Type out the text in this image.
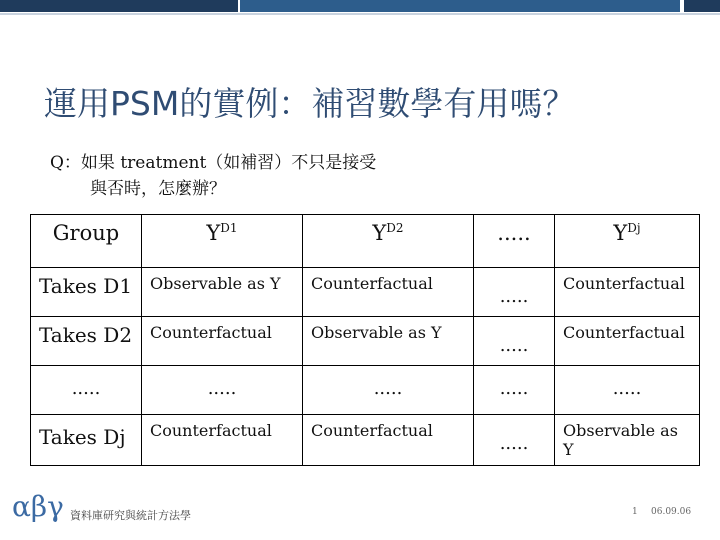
運用PSM的實例：補習數學有用嗎？
Q：如果 treatment（如補習）不只是接受
與否時，怎麼辦？
Group	$Y^{D1}$	$Y^{D2}$	.....	$Y^{Dj}$

Takes D1	Observable as Y	Counterfactual	.....	Counterfactual

Takes D2	Counterfactual	Observable as Y	.....	Counterfactual

.....	.....	.....	.....	.....

Takes Dj	Counterfactual	Counterfactual	.....	Observable as Y
αβγ 資料庫研究與統計方法學	1 06.09.06
